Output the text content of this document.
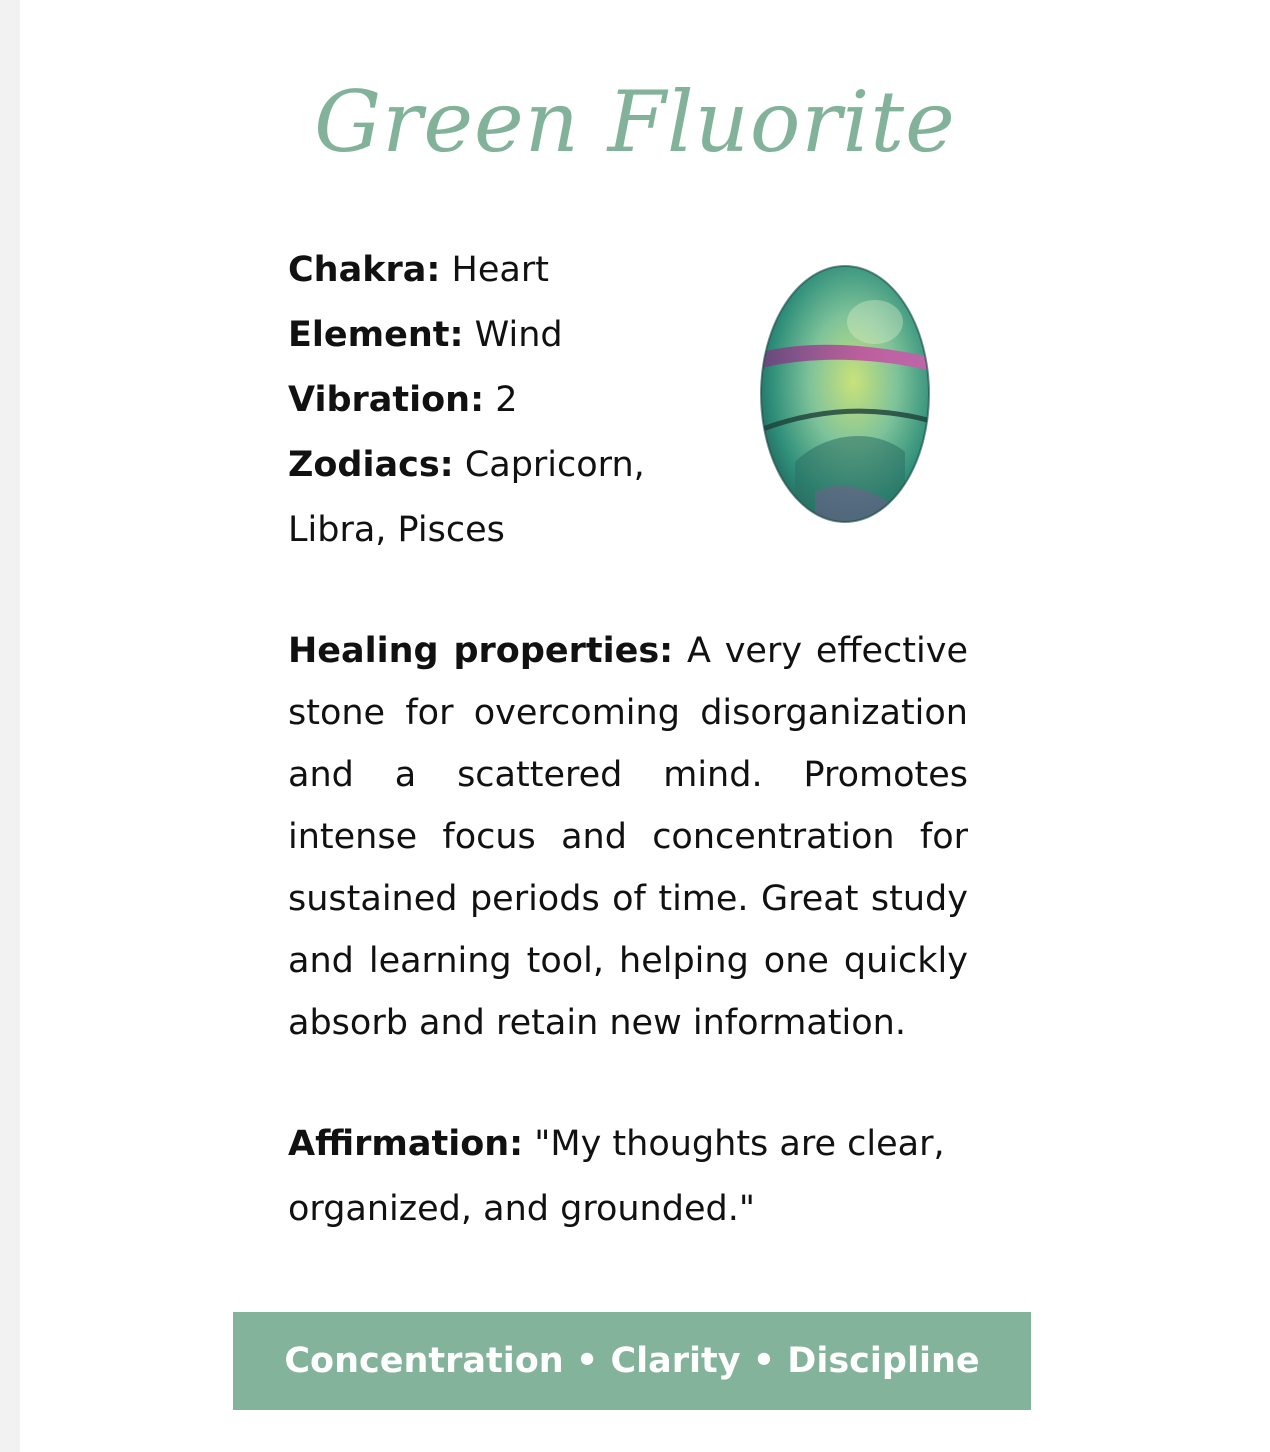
Green Fluorite
Chakra: Heart
Element: Wind
Vibration: 2
Zodiacs: Capricorn, Libra, Pisces
Healing properties: A very effective stone for overcoming disorganization and a scattered mind. Promotes intense focus and concentration for sustained periods of time. Great study and learning tool, helping one quickly absorb and retain new information.
Affirmation: "My thoughts are clear, organized, and grounded."
Concentration • Clarity • Discipline
